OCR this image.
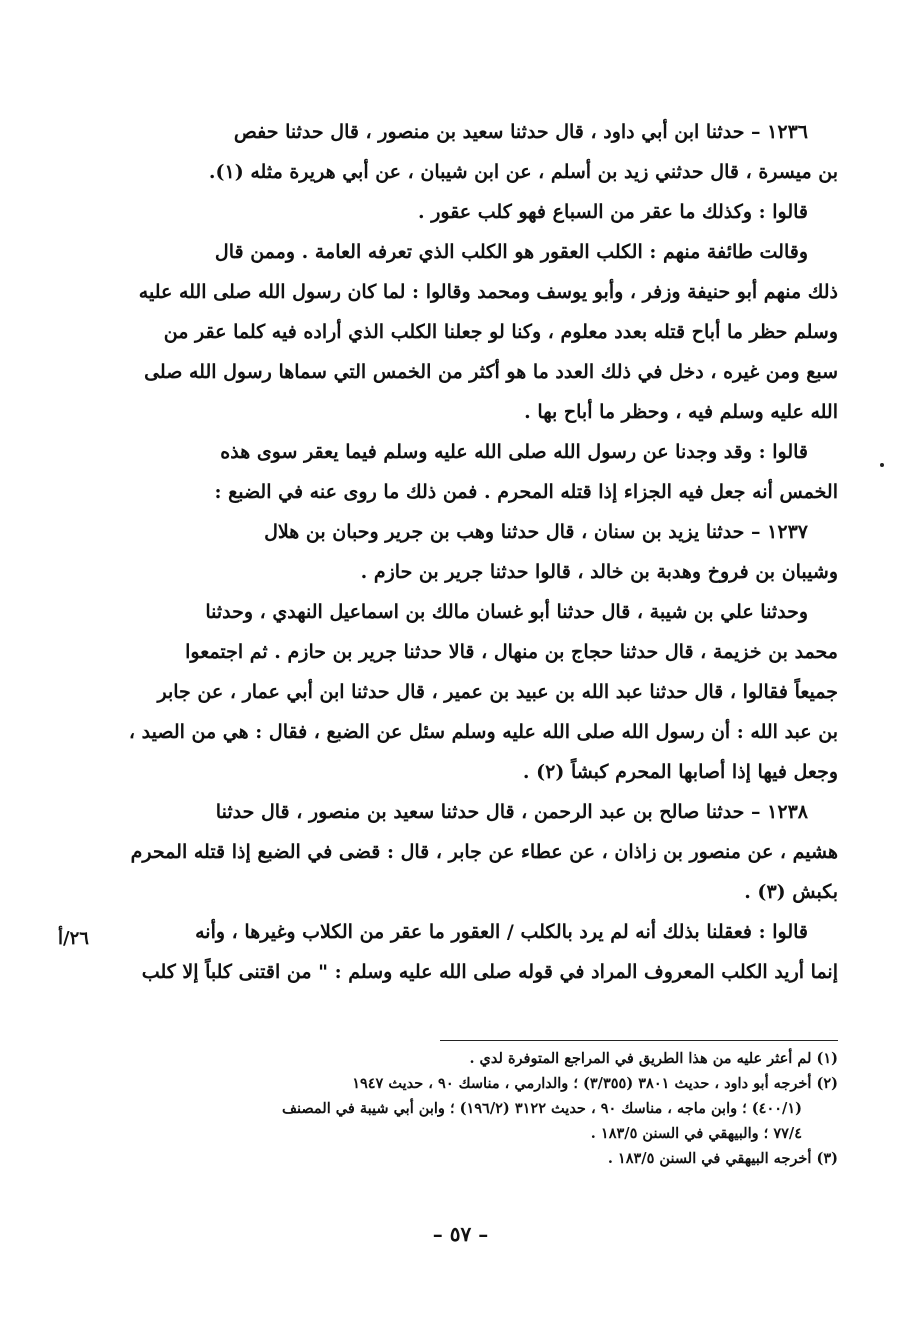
١٢٣٦ – حدثنا ابن أبي داود ، قال حدثنا سعيد بن منصور ، قال حدثنا حفص
بن ميسرة ، قال حدثني زيد بن أسلم ، عن ابن شيبان ، عن أبي هريرة مثله (١).
قالوا : وكذلك ما عقر من السباع فهو كلب عقور .
وقالت طائفة منهم : الكلب العقور هو الكلب الذي تعرفه العامة . وممن قال
ذلك منهم أبو حنيفة وزفر ، وأبو يوسف ومحمد وقالوا : لما كان رسول الله صلى الله عليه
وسلم حظر ما أباح قتله بعدد معلوم ، وكنا لو جعلنا الكلب الذي أراده فيه كلما عقر من
سبع ومن غيره ، دخل في ذلك العدد ما هو أكثر من الخمس التي سماها رسول الله صلى
الله عليه وسلم فيه ، وحظر ما أباح بها .
قالوا : وقد وجدنا عن رسول الله صلى الله عليه وسلم فيما يعقر سوى هذه
الخمس أنه جعل فيه الجزاء إذا قتله المحرم . فمن ذلك ما روى عنه في الضبع :
١٢٣٧ – حدثنا يزيد بن سنان ، قال حدثنا وهب بن جرير وحبان بن هلال
وشيبان بن فروخ وهدبة بن خالد ، قالوا حدثنا جرير بن حازم .
وحدثنا علي بن شيبة ، قال حدثنا أبو غسان مالك بن اسماعيل النهدي ، وحدثنا
محمد بن خزيمة ، قال حدثنا حجاج بن منهال ، قالا حدثنا جرير بن حازم . ثم اجتمعوا
جميعاً فقالوا ، قال حدثنا عبد الله بن عبيد بن عمير ، قال حدثنا ابن أبي عمار ، عن جابر
بن عبد الله : أن رسول الله صلى الله عليه وسلم سئل عن الضبع ، فقال : هي من الصيد ،
وجعل فيها إذا أصابها المحرم كبشاً (٢) .
١٢٣٨ – حدثنا صالح بن عبد الرحمن ، قال حدثنا سعيد بن منصور ، قال حدثنا
هشيم ، عن منصور بن زاذان ، عن عطاء عن جابر ، قال : قضى في الضبع إذا قتله المحرم
بكبش (٣) .
قالوا : فعقلنا بذلك أنه لم يرد بالكلب / العقور ما عقر من الكلاب وغيرها ، وأنه
إنما أريد الكلب المعروف المراد في قوله صلى الله عليه وسلم : " من اقتنى كلباً إلا كلب
٢٦/أ
(١) لم أعثر عليه من هذا الطريق في المراجع المتوفرة لدي .
(٢) أخرجه أبو داود ، حديث ٣٨٠١ (٣/٣٥٥) ؛ والدارمي ، مناسك ٩٠ ، حديث ١٩٤٧
(٤٠٠/١) ؛ وابن ماجه ، مناسك ٩٠ ، حديث ٣١٢٢ (١٩٦/٢) ؛ وابن أبي شيبة في المصنف
٧٧/٤ ؛ والبيهقي في السنن ١٨٣/٥ .
(٣) أخرجه البيهقي في السنن ١٨٣/٥ .
– ٥٧ –
